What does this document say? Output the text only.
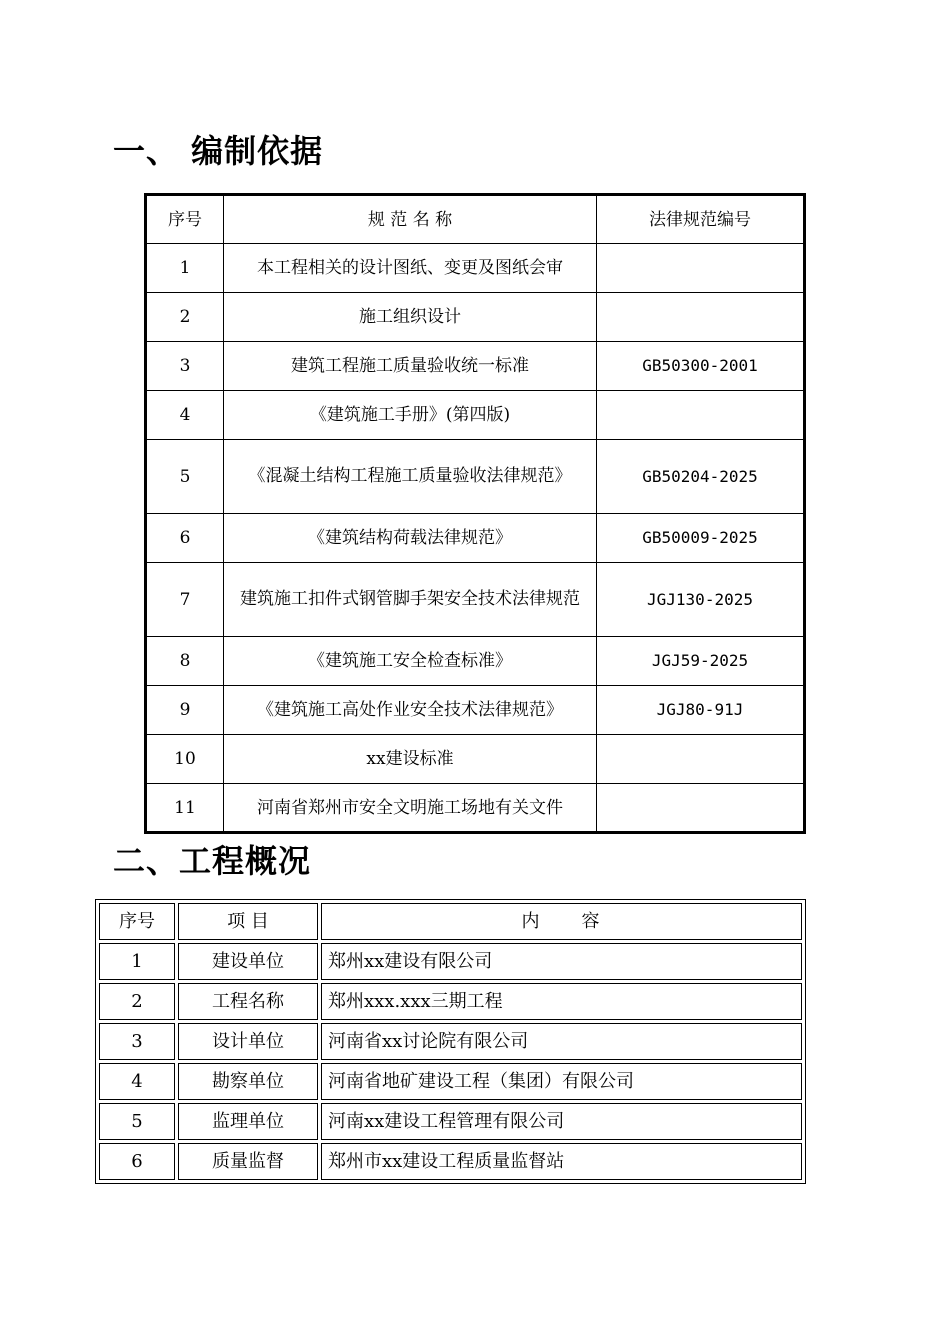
一、 编制依据
序号	规 范 名 称	法律规范编号
1	本工程相关的设计图纸、变更及图纸会审	
2	施工组织设计	
3	建筑工程施工质量验收统一标准	GB50300-2001
4	《建筑施工手册》(第四版)	
5	《混凝土结构工程施工质量验收法律规范》	GB50204-2025
6	《建筑结构荷载法律规范》	GB50009-2025
7	建筑施工扣件式钢管脚手架安全技术法律规范	JGJ130-2025
8	《建筑施工安全检查标准》	JGJ59-2025
9	《建筑施工高处作业安全技术法律规范》	JGJ80-91J
10	xx建设标准	
11	河南省郑州市安全文明施工场地有关文件	
二、工程概况
序号	项 目	内　　容
1	建设单位	郑州xx建设有限公司
2	工程名称	郑州xxx.xxx三期工程
3	设计单位	河南省xx讨论院有限公司
4	勘察单位	河南省地矿建设工程（集团）有限公司
5	监理单位	河南xx建设工程管理有限公司
6	质量监督	郑州市xx建设工程质量监督站
